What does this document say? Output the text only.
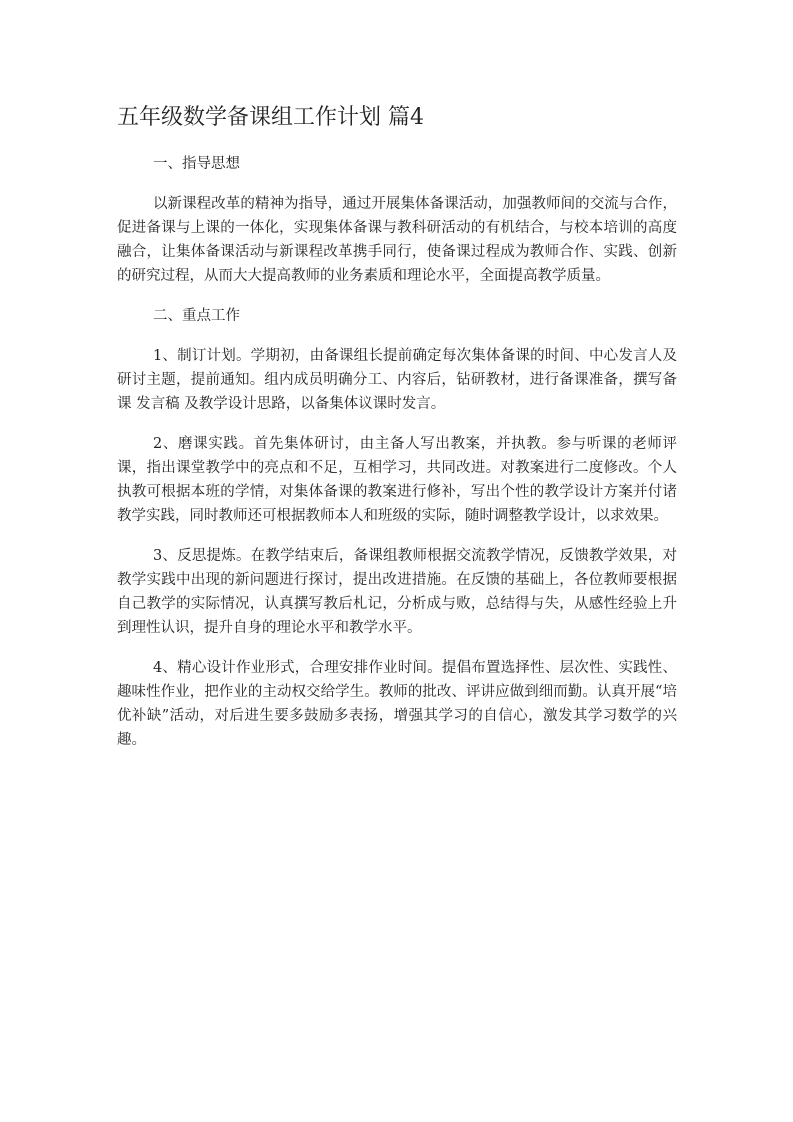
五年级数学备课组工作计划 篇4

一、指导思想

以新课程改革的精神为指导，通过开展集体备课活动，加强教师间的交流与合作，促进备课与上课的一体化，实现集体备课与教科研活动的有机结合，与校本培训的高度融合，让集体备课活动与新课程改革携手同行，使备课过程成为教师合作、实践、创新的研究过程，从而大大提高教师的业务素质和理论水平，全面提高教学质量。

二、重点工作

1、制订计划。学期初，由备课组长提前确定每次集体备课的时间、中心发言人及研讨主题，提前通知。组内成员明确分工、内容后，钻研教材，进行备课准备，撰写备课 发言稿 及教学设计思路，以备集体议课时发言。

2、磨课实践。首先集体研讨，由主备人写出教案，并执教。参与听课的老师评课，指出课堂教学中的亮点和不足，互相学习，共同改进。对教案进行二度修改。个人执教可根据本班的学情，对集体备课的教案进行修补，写出个性的教学设计方案并付诸教学实践，同时教师还可根据教师本人和班级的实际，随时调整教学设计，以求效果。

3、反思提炼。在教学结束后，备课组教师根据交流教学情况，反馈教学效果，对教学实践中出现的新问题进行探讨，提出改进措施。在反馈的基础上，各位教师要根据自己教学的实际情况，认真撰写教后札记，分析成与败，总结得与失，从感性经验上升到理性认识，提升自身的理论水平和教学水平。

4、精心设计作业形式，合理安排作业时间。提倡布置选择性、层次性、实践性、趣味性作业，把作业的主动权交给学生。教师的批改、评讲应做到细而勤。认真开展“培优补缺”活动，对后进生要多鼓励多表扬，增强其学习的自信心，激发其学习数学的兴趣。
